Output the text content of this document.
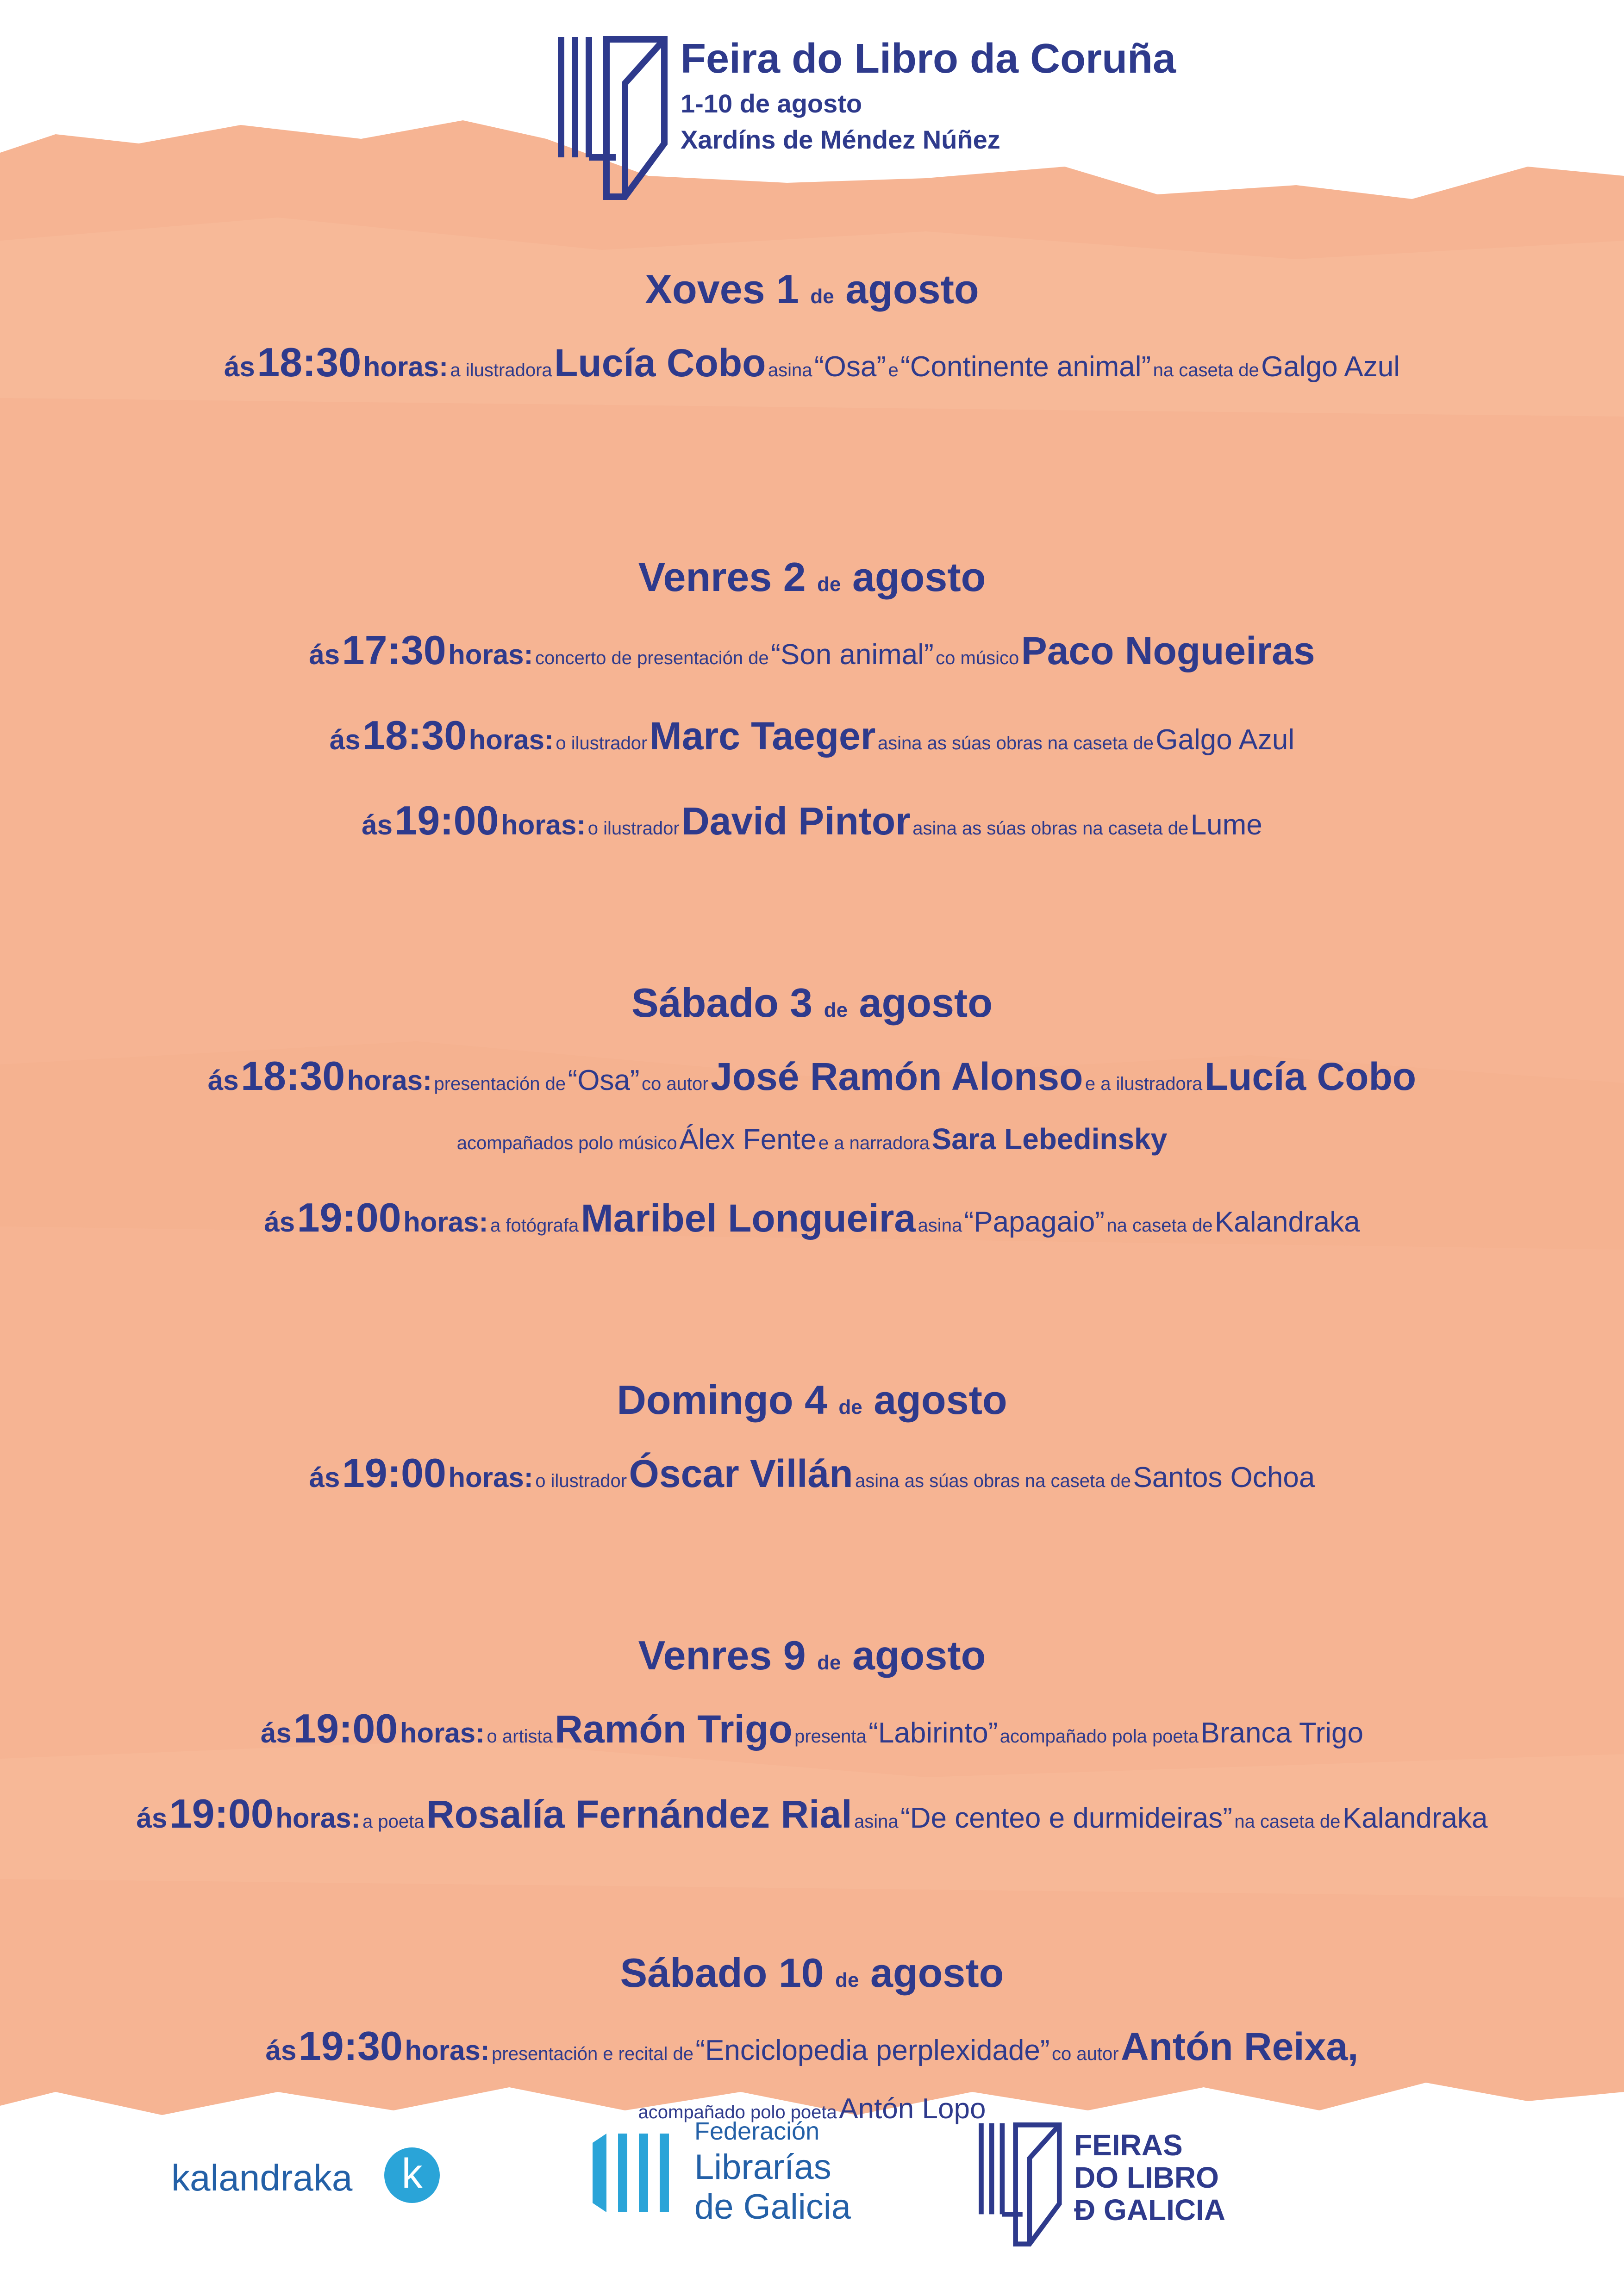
Feira do Libro da Coruña
1-10 de agosto
Xardíns de Méndez Núñez
Xoves 1 de agosto
ás 18:30 horas: a ilustradora Lucía Cobo asina “Osa” e “Continente animal” na caseta de Galgo Azul
Venres 2 de agosto
ás 17:30 horas: concerto de presentación de “Son animal” co músico Paco Nogueiras
ás 18:30 horas: o ilustrador Marc Taeger asina as súas obras na caseta de Galgo Azul
ás 19:00 horas: o ilustrador David Pintor asina as súas obras na caseta de Lume
Sábado 3 de agosto
ás 18:30 horas: presentación de “Osa” co autor José Ramón Alonso e a ilustradora Lucía Cobo
acompañados polo músico Álex Fente e a narradora Sara Lebedinsky
ás 19:00 horas: a fotógrafa Maribel Longueira asina “Papagaio” na caseta de Kalandraka
Domingo 4 de agosto
ás 19:00 horas: o ilustrador Óscar Villán asina as súas obras na caseta de Santos Ochoa
Venres 9 de agosto
ás 19:00 horas: o artista Ramón Trigo presenta “Labirinto” acompañado pola poeta Branca Trigo
ás 19:00 horas: a poeta Rosalía Fernández Rial asina “De centeo e durmideiras” na caseta de Kalandraka
Sábado 10 de agosto
ás 19:30 horas: presentación e recital de “Enciclopedia perplexidade” co autor Antón Reixa,
acompañado polo poeta Antón Lopo
kalandraka	k
Federación
Librarías
de Galicia
FEIRAS
DO LIBRO
Đ GALICIA
